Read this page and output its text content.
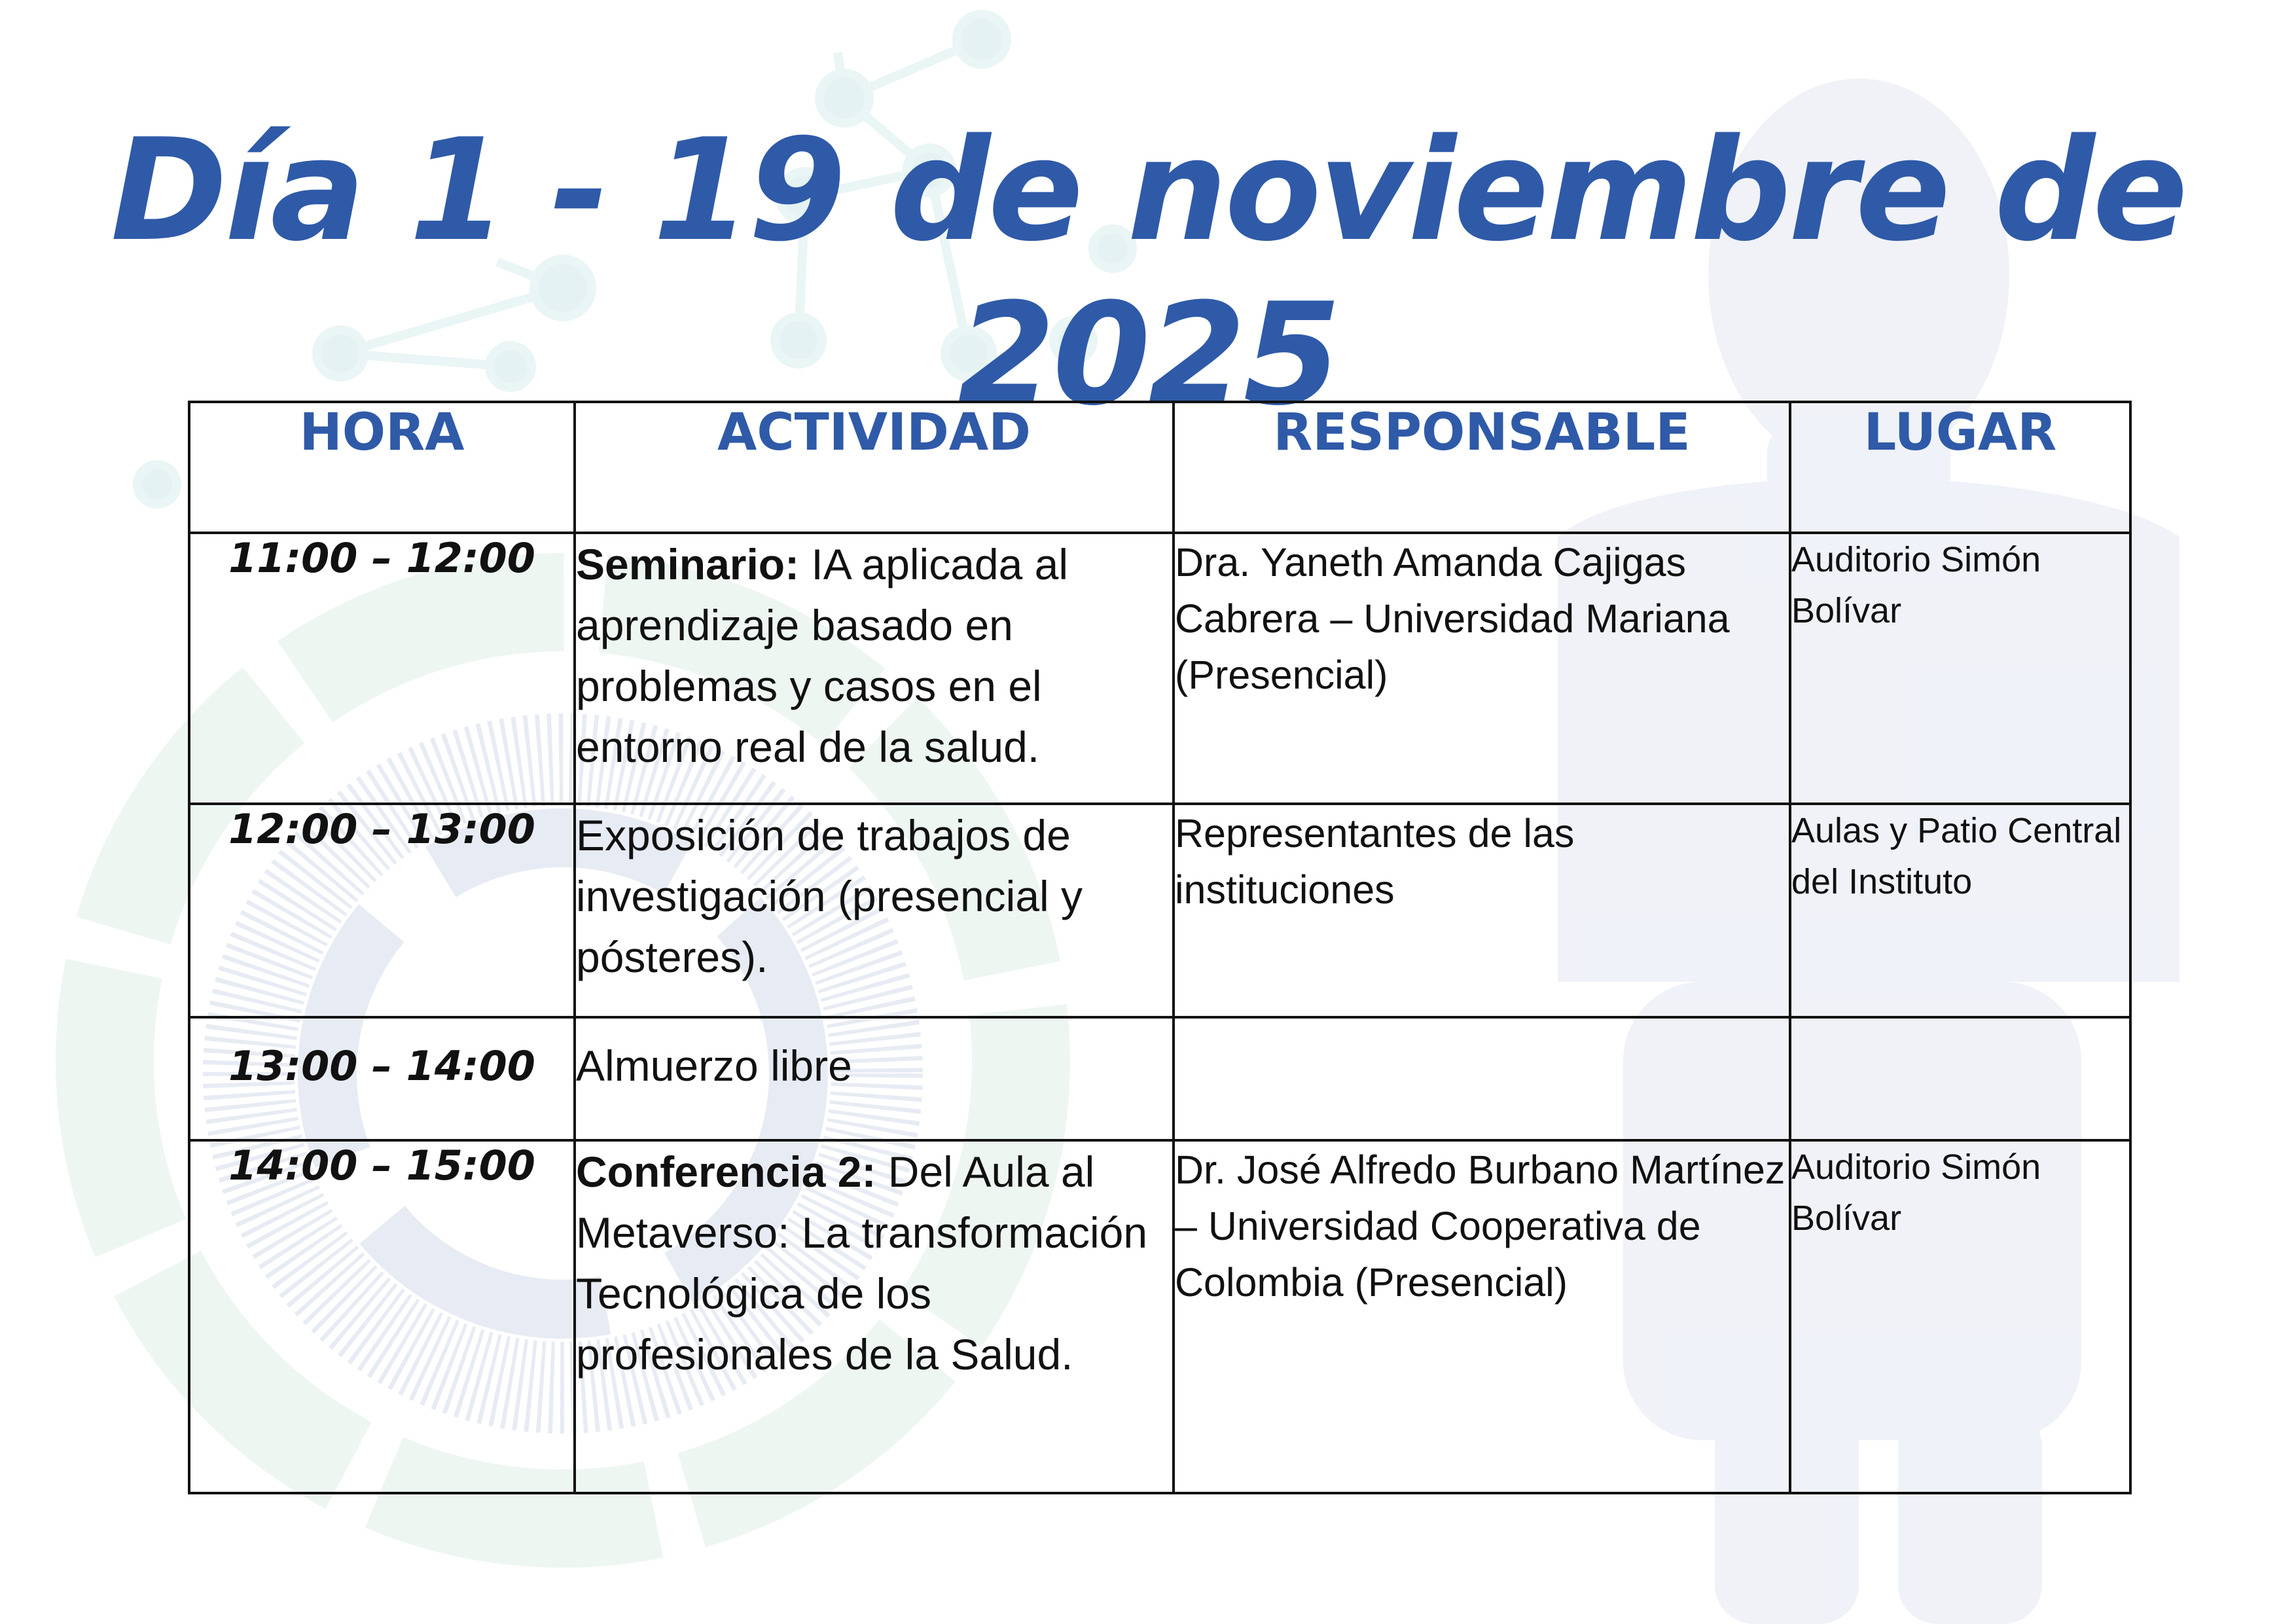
Día 1 - 19 de noviembre de 2025
HORA	ACTIVIDAD	RESPONSABLE	LUGAR
11:00 – 12:00	Seminario: IA aplicada al aprendizaje basado en problemas y casos en el entorno real de la salud.	Dra. Yaneth Amanda Cajigas Cabrera – Universidad Mariana       (Presencial)	Auditorio Simón Bolívar
12:00 – 13:00	Exposición de trabajos de investigación (presencial y pósteres).	Representantes de las instituciones	Aulas y Patio Central del Instituto
13:00 – 14:00	Almuerzo libre		
14:00 – 15:00	Conferencia 2: Del Aula al Metaverso: La transformación Tecnológica de los profesionales de la Salud.	Dr. José Alfredo Burbano Martínez – Universidad Cooperativa de Colombia (Presencial)	Auditorio Simón Bolívar
